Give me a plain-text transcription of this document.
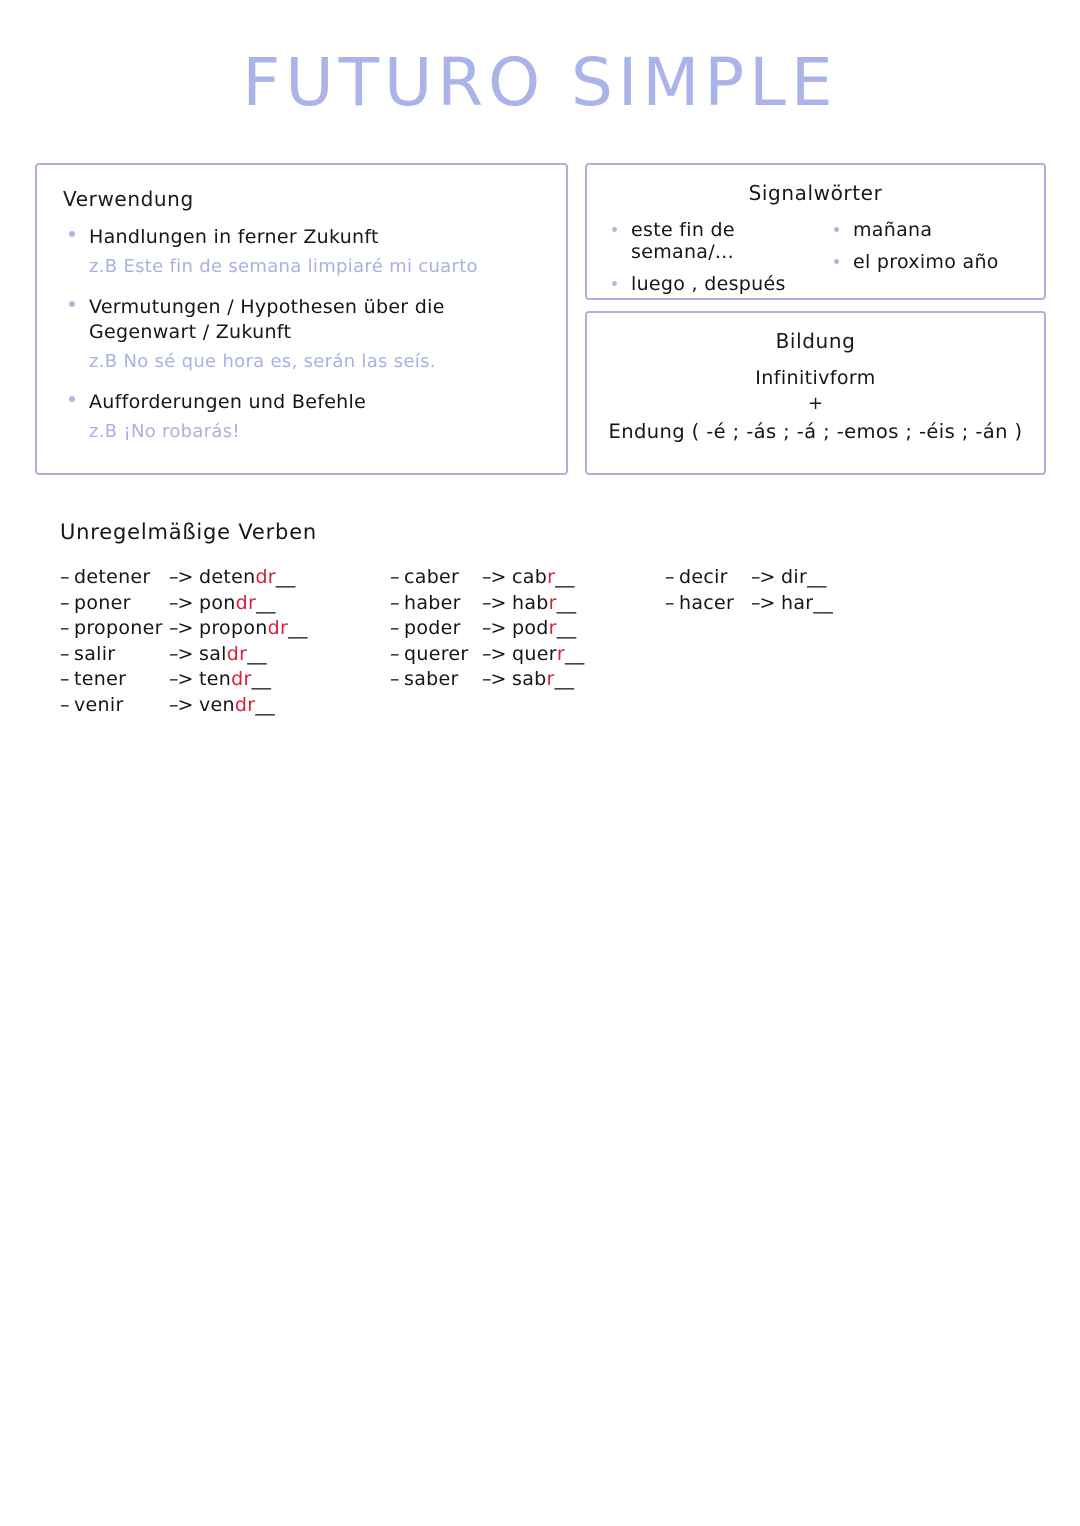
FUTURO SIMPLE
Verwendung
Handlungen in ferner Zukunft
z.B Este fin de semana limpiaré mi cuarto
Vermutungen / Hypothesen über die Gegenwart / Zukunft
z.B No sé que hora es, serán las seís.
Aufforderungen und Befehle
z.B ¡No robarás!
Signalwörter
este fin de semana/...
luego , después
mañana
el proximo año
Bildung
Infinitivform
+
Endung ( -é ; -ás ; -á ; -emos ; -éis ; -án )
Unregelmäßige Verben
– detener –> deten dr __
– poner	–> pon dr __
– proponer –> propon dr __
– salir	–> sal dr __
– tener	–> ten dr __
– venir	–> ven dr __
– caber	–> cab r __
– haber	–> hab r __
– poder	–> pod r __
– querer –> quer r __
– saber	–> sab r __
– decir	–> dir __
– hacer –> har __
